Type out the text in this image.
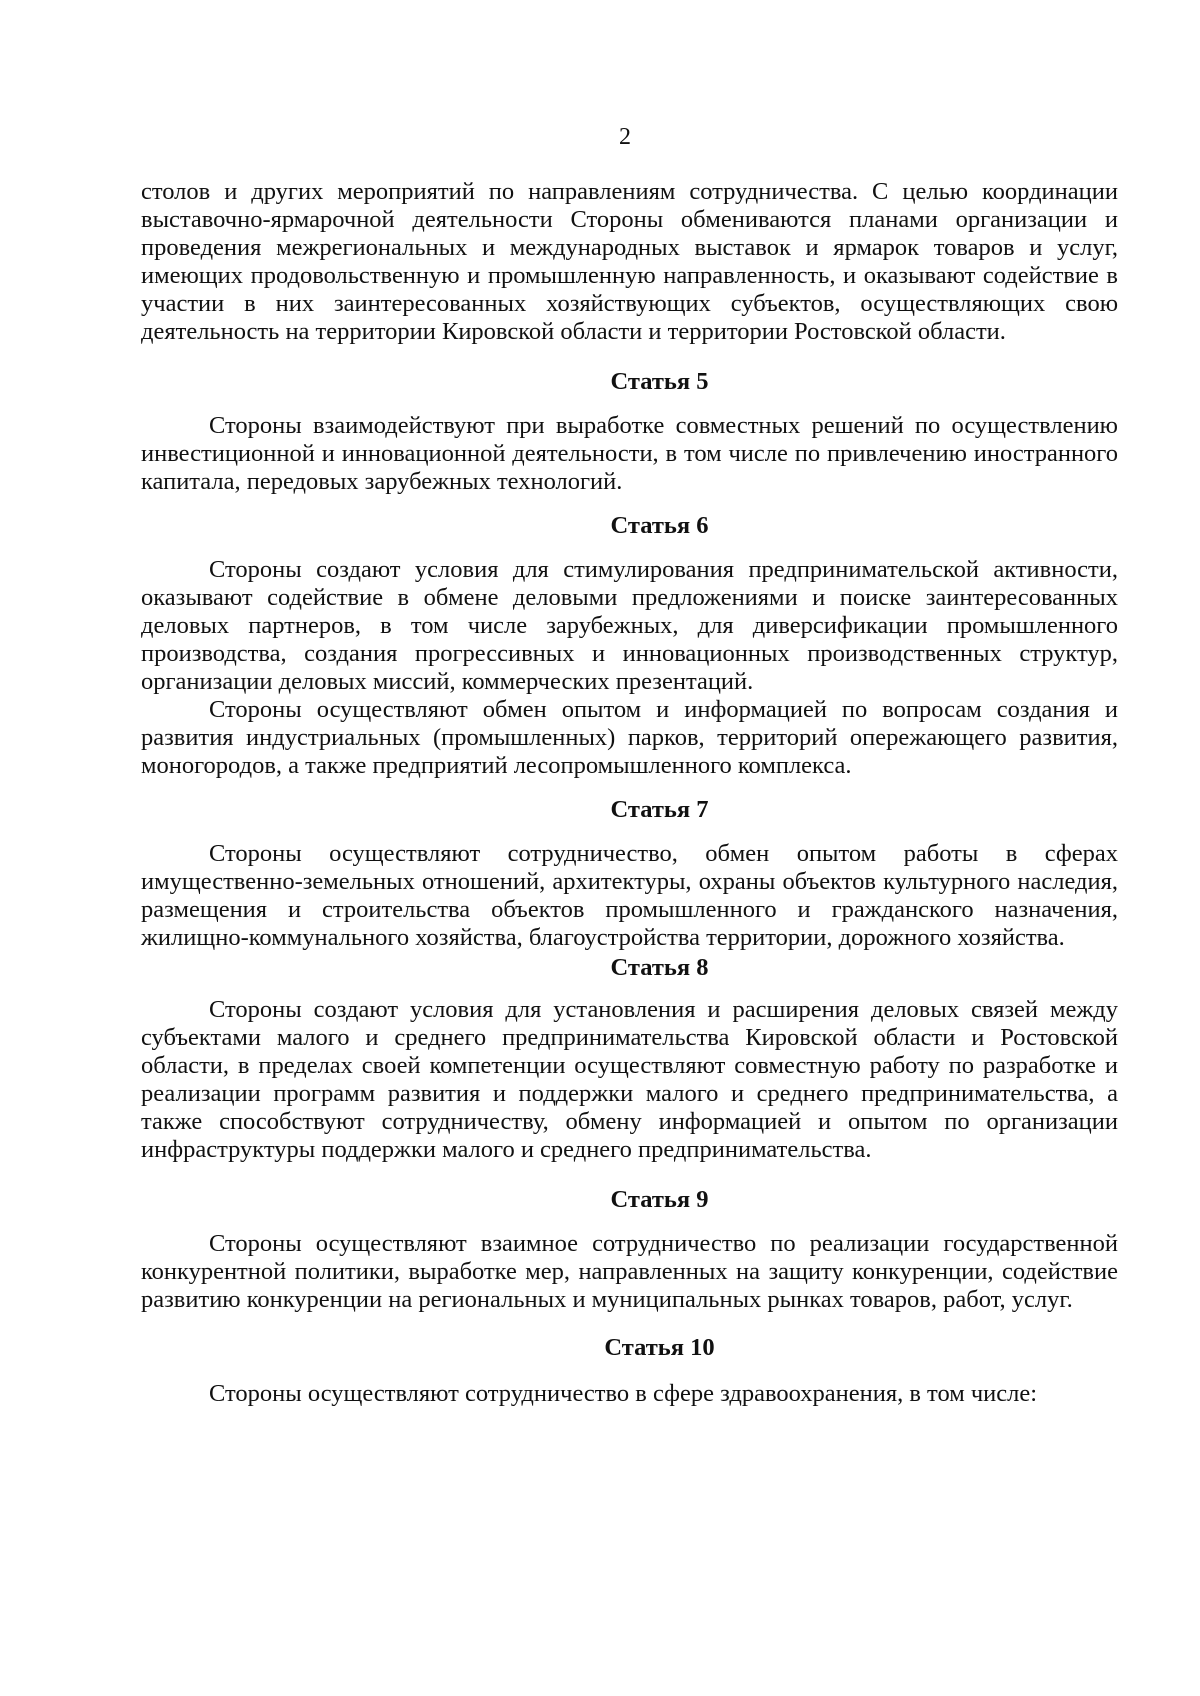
2

столов и других мероприятий по направлениям сотрудничества. С целью координации выставочно-ярмарочной деятельности Стороны обмениваются планами организации и проведения межрегиональных и международных выставок и ярмарок товаров и услуг, имеющих продовольственную и промышленную направленность, и оказывают содействие в участии в них заинтересованных хозяйствующих субъектов, осуществляющих свою деятельность на территории Кировской области и территории Ростовской области.

Статья 5

Стороны взаимодействуют при выработке совместных решений по осуществлению инвестиционной и инновационной деятельности, в том числе по привлечению иностранного капитала, передовых зарубежных технологий.

Статья 6

Стороны создают условия для стимулирования предпринимательской активности, оказывают содействие в обмене деловыми предложениями и поиске заинтересованных деловых партнеров, в том числе зарубежных, для диверсификации промышленного производства, создания прогрессивных и инновационных производственных структур, организации деловых миссий, коммерческих презентаций.

Стороны осуществляют обмен опытом и информацией по вопросам создания и развития индустриальных (промышленных) парков, территорий опережающего развития, моногородов, а также предприятий лесопромышленного комплекса.

Статья 7

Стороны осуществляют сотрудничество, обмен опытом работы в сферах имущественно-земельных отношений, архитектуры, охраны объектов культурного наследия, размещения и строительства объектов промышленного и гражданского назначения, жилищно-коммунального хозяйства, благоустройства территории, дорожного хозяйства.

Статья 8

Стороны создают условия для установления и расширения деловых связей между субъектами малого и среднего предпринимательства Кировской области и Ростовской области, в пределах своей компетенции осуществляют совместную работу по разработке и реализации программ развития и поддержки малого и среднего предпринимательства, а также способствуют сотрудничеству, обмену информацией и опытом по организации инфраструктуры поддержки малого и среднего предпринимательства.

Статья 9

Стороны осуществляют взаимное сотрудничество по реализации государственной конкурентной политики, выработке мер, направленных на защиту конкуренции, содействие развитию конкуренции на региональных и муниципальных рынках товаров, работ, услуг.

Статья 10

Стороны осуществляют сотрудничество в сфере здравоохранения, в том числе:
